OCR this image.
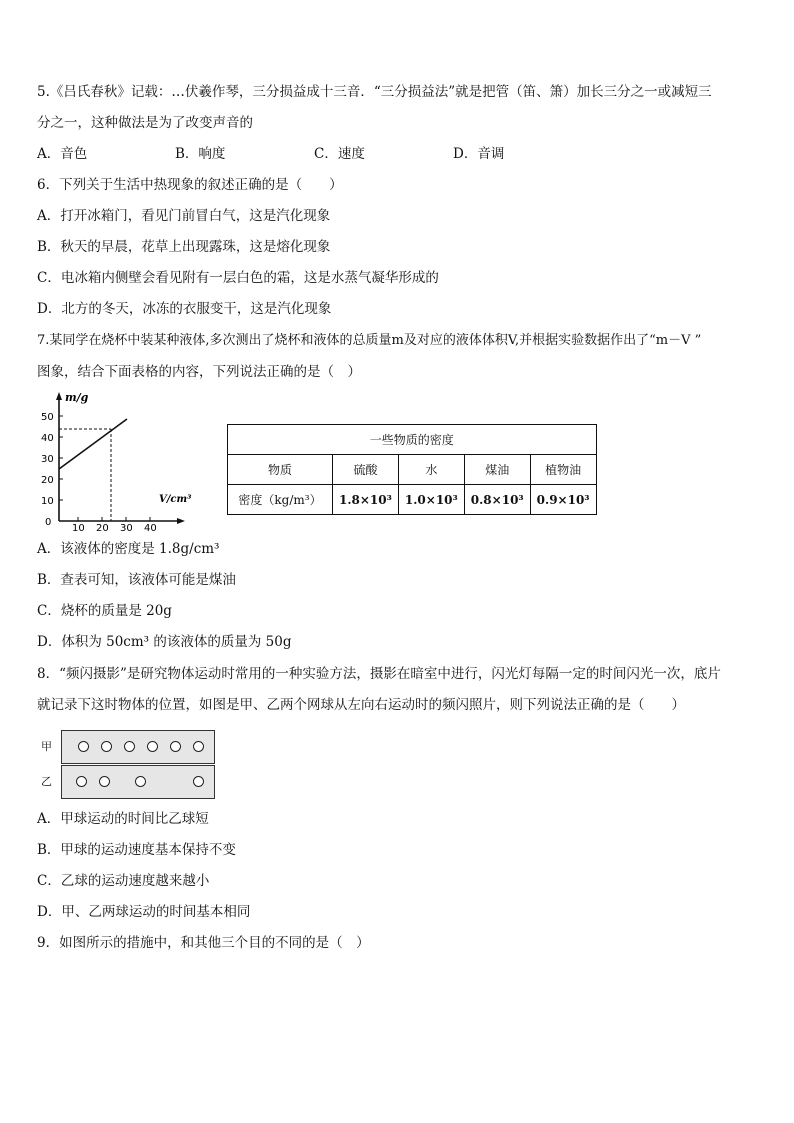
5.《吕氏春秋》记载：…伏羲作琴，三分损益成十三音．“三分损益法”就是把管（笛、箫）加长三分之一或减短三
分之一，这种做法是为了改变声音的
A．音色	B．响度	C．速度	D．音调
6．下列关于生活中热现象的叙述正确的是（　　）
A．打开冰箱门，看见门前冒白气，这是汽化现象
B．秋天的早晨，花草上出现露珠，这是熔化现象
C．电冰箱内侧壁会看见附有一层白色的霜，这是水蒸气凝华形成的
D．北方的冬天，冰冻的衣服变干，这是汽化现象
7.某同学在烧杯中装某种液体,多次测出了烧杯和液体的总质量m及对应的液体体积V,并根据实验数据作出了“m－V ”
图象，结合下面表格的内容，下列说法正确的是（　）
m/g
V/cm³
50
40
30
20
10
0
10 20 30 40
一些物质的密度				
物质	硫酸	水	煤油	植物油
密度（kg/m³）	1.8×10³	1.0×10³	0.8×10³	0.9×10³
A．该液体的密度是 1.8g/cm³
B．查表可知，该液体可能是煤油
C．烧杯的质量是 20g
D．体积为 50cm³ 的该液体的质量为 50g
8．“频闪摄影”是研究物体运动时常用的一种实验方法，摄影在暗室中进行，闪光灯每隔一定的时间闪光一次，底片
就记录下这时物体的位置，如图是甲、乙两个网球从左向右运动时的频闪照片，则下列说法正确的是（　　）
甲
乙
A．甲球运动的时间比乙球短
B．甲球的运动速度基本保持不变
C．乙球的运动速度越来越小
D．甲、乙两球运动的时间基本相同
9．如图所示的措施中，和其他三个目的不同的是（　）
